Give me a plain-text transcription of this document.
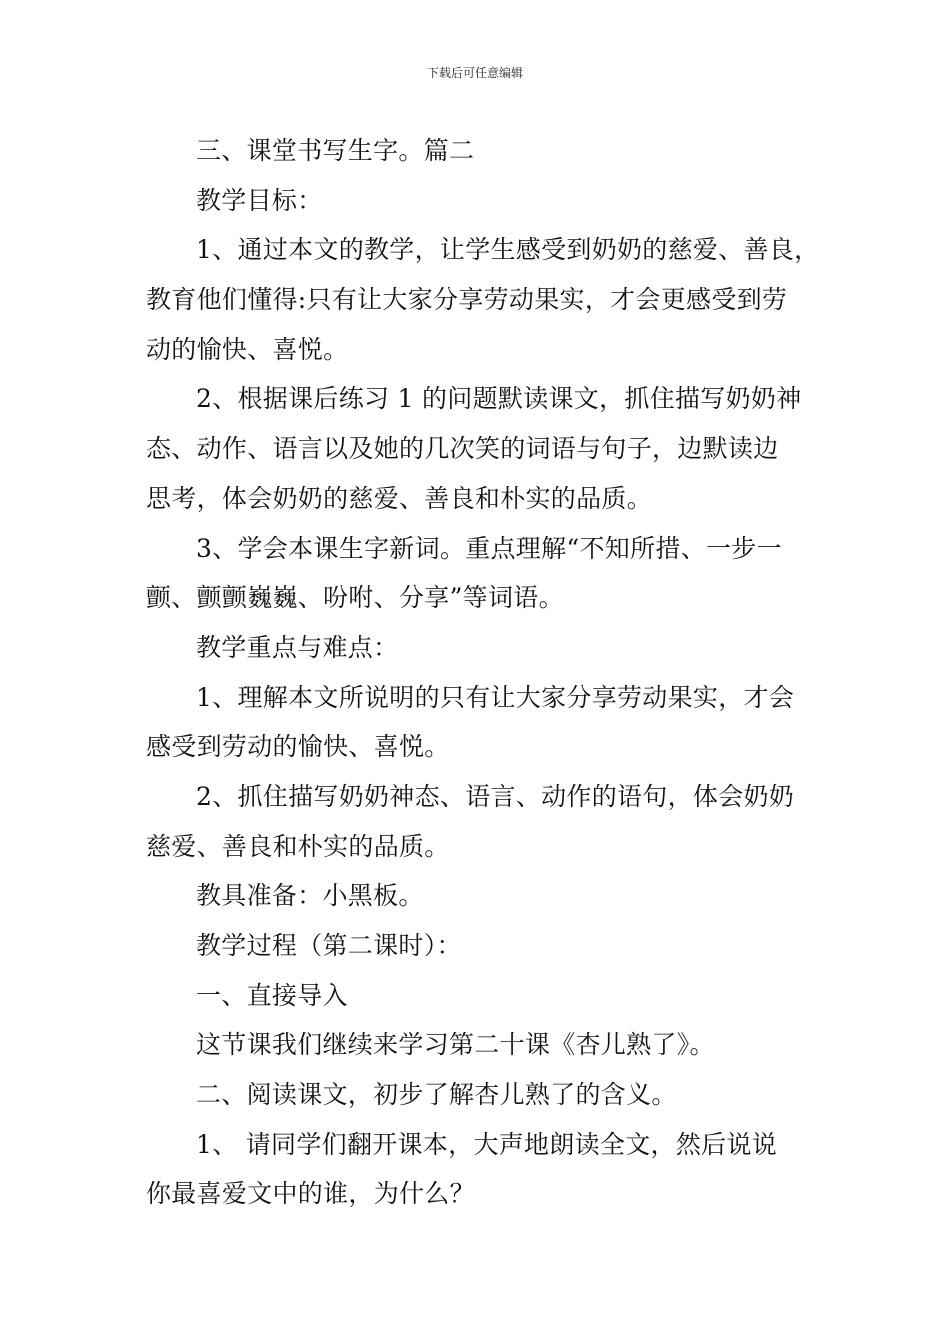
下载后可任意编辑
三、课堂书写生字。篇二
教学目标：
1、通过本文的教学，让学生感受到奶奶的慈爱、善良，
教育他们懂得:只有让大家分享劳动果实，才会更感受到劳
动的愉快、喜悦。
2、根据课后练习 1 的问题默读课文，抓住描写奶奶神
态、动作、语言以及她的几次笑的词语与句子，边默读边
思考，体会奶奶的慈爱、善良和朴实的品质。
3、学会本课生字新词。重点理解“不知所措、一步一
颤、颤颤巍巍、吩咐、分享”等词语。
教学重点与难点：
1、理解本文所说明的只有让大家分享劳动果实，才会
感受到劳动的愉快、喜悦。
2、抓住描写奶奶神态、语言、动作的语句，体会奶奶
慈爱、善良和朴实的品质。
教具准备：小黑板。
教学过程（第二课时）：
一、直接导入
这节课我们继续来学习第二十课《杏儿熟了》。
二、阅读课文，初步了解杏儿熟了的含义。
1、 请同学们翻开课本，大声地朗读全文，然后说说
你最喜爱文中的谁，为什么？
